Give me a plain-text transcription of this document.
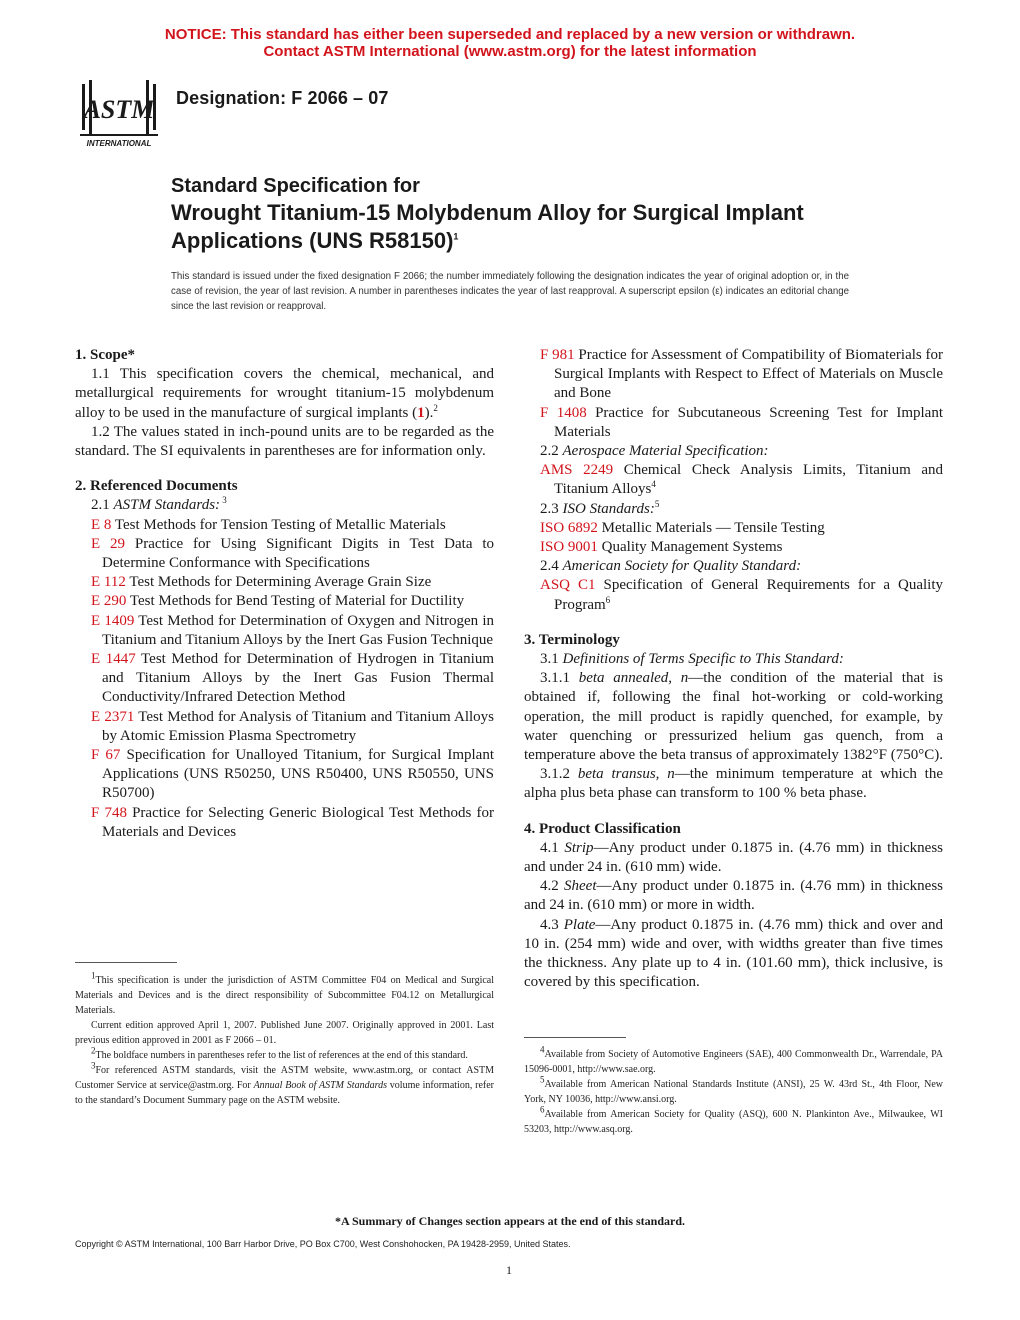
NOTICE: This standard has either been superseded and replaced by a new version or withdrawn.
Contact ASTM International (www.astm.org) for the latest information
ASTM
INTERNATIONAL
Designation: F 2066 – 07
Standard Specification for
Wrought Titanium-15 Molybdenum Alloy for Surgical Implant
Applications (UNS R58150)$^1$
This standard is issued under the fixed designation F 2066; the number immediately following the designation indicates the year of original adoption or, in the case of revision, the year of last revision. A number in parentheses indicates the year of last reapproval. A superscript epsilon (ε) indicates an editorial change since the last revision or reapproval.

1. Scope*

1.1 This specification covers the chemical, mechanical, and metallurgical requirements for wrought titanium-15 molybdenum alloy to be used in the manufacture of surgical implants (1).$^2$

1.2 The values stated in inch-pound units are to be regarded as the standard. The SI equivalents in parentheses are for information only.

2. Referenced Documents

2.1 ASTM Standards: $^3$

E 8 Test Methods for Tension Testing of Metallic Materials

E 29 Practice for Using Significant Digits in Test Data to Determine Conformance with Specifications

E 112 Test Methods for Determining Average Grain Size

E 290 Test Methods for Bend Testing of Material for Ductility

E 1409 Test Method for Determination of Oxygen and Nitrogen in Titanium and Titanium Alloys by the Inert Gas Fusion Technique

E 1447 Test Method for Determination of Hydrogen in Titanium and Titanium Alloys by the Inert Gas Fusion Thermal Conductivity/Infrared Detection Method

E 2371 Test Method for Analysis of Titanium and Titanium Alloys by Atomic Emission Plasma Spectrometry

F 67 Specification for Unalloyed Titanium, for Surgical Implant Applications (UNS R50250, UNS R50400, UNS R50550, UNS R50700)

F 748 Practice for Selecting Generic Biological Test Methods for Materials and Devices

$^1$This specification is under the jurisdiction of ASTM Committee F04 on Medical and Surgical Materials and Devices and is the direct responsibility of Subcommittee F04.12 on Metallurgical Materials.

Current edition approved April 1, 2007. Published June 2007. Originally approved in 2001. Last previous edition approved in 2001 as F 2066 – 01.

$^2$The boldface numbers in parentheses refer to the list of references at the end of this standard.

$^3$For referenced ASTM standards, visit the ASTM website, www.astm.org, or contact ASTM Customer Service at service@astm.org. For Annual Book of ASTM Standards volume information, refer to the standard’s Document Summary page on the ASTM website.

F 981 Practice for Assessment of Compatibility of Biomaterials for Surgical Implants with Respect to Effect of Materials on Muscle and Bone

F 1408 Practice for Subcutaneous Screening Test for Implant Materials

2.2 Aerospace Material Specification:

AMS 2249 Chemical Check Analysis Limits, Titanium and Titanium Alloys$^4$

2.3 ISO Standards:$^5$

ISO 6892 Metallic Materials — Tensile Testing

ISO 9001 Quality Management Systems

2.4 American Society for Quality Standard:

ASQ C1 Specification of General Requirements for a Quality Program$^6$

3. Terminology

3.1 Definitions of Terms Specific to This Standard:

3.1.1 beta annealed, n—the condition of the material that is obtained if, following the final hot-working or cold-working operation, the mill product is rapidly quenched, for example, by water quenching or pressurized helium gas quench, from a temperature above the beta transus of approximately 1382°F (750°C).

3.1.2 beta transus, n—the minimum temperature at which the alpha plus beta phase can transform to 100 % beta phase.

4. Product Classification

4.1 Strip—Any product under 0.1875 in. (4.76 mm) in thickness and under 24 in. (610 mm) wide.

4.2 Sheet—Any product under 0.1875 in. (4.76 mm) in thickness and 24 in. (610 mm) or more in width.

4.3 Plate—Any product 0.1875 in. (4.76 mm) thick and over and 10 in. (254 mm) wide and over, with widths greater than five times the thickness. Any plate up to 4 in. (101.60 mm), thick inclusive, is covered by this specification.

$^4$Available from Society of Automotive Engineers (SAE), 400 Commonwealth Dr., Warrendale, PA 15096-0001, http://www.sae.org.

$^5$Available from American National Standards Institute (ANSI), 25 W. 43rd St., 4th Floor, New York, NY 10036, http://www.ansi.org.

$^6$Available from American Society for Quality (ASQ), 600 N. Plankinton Ave., Milwaukee, WI 53203, http://www.asq.org.

*A Summary of Changes section appears at the end of this standard.
Copyright © ASTM International, 100 Barr Harbor Drive, PO Box C700, West Conshohocken, PA 19428-2959, United States.
1
